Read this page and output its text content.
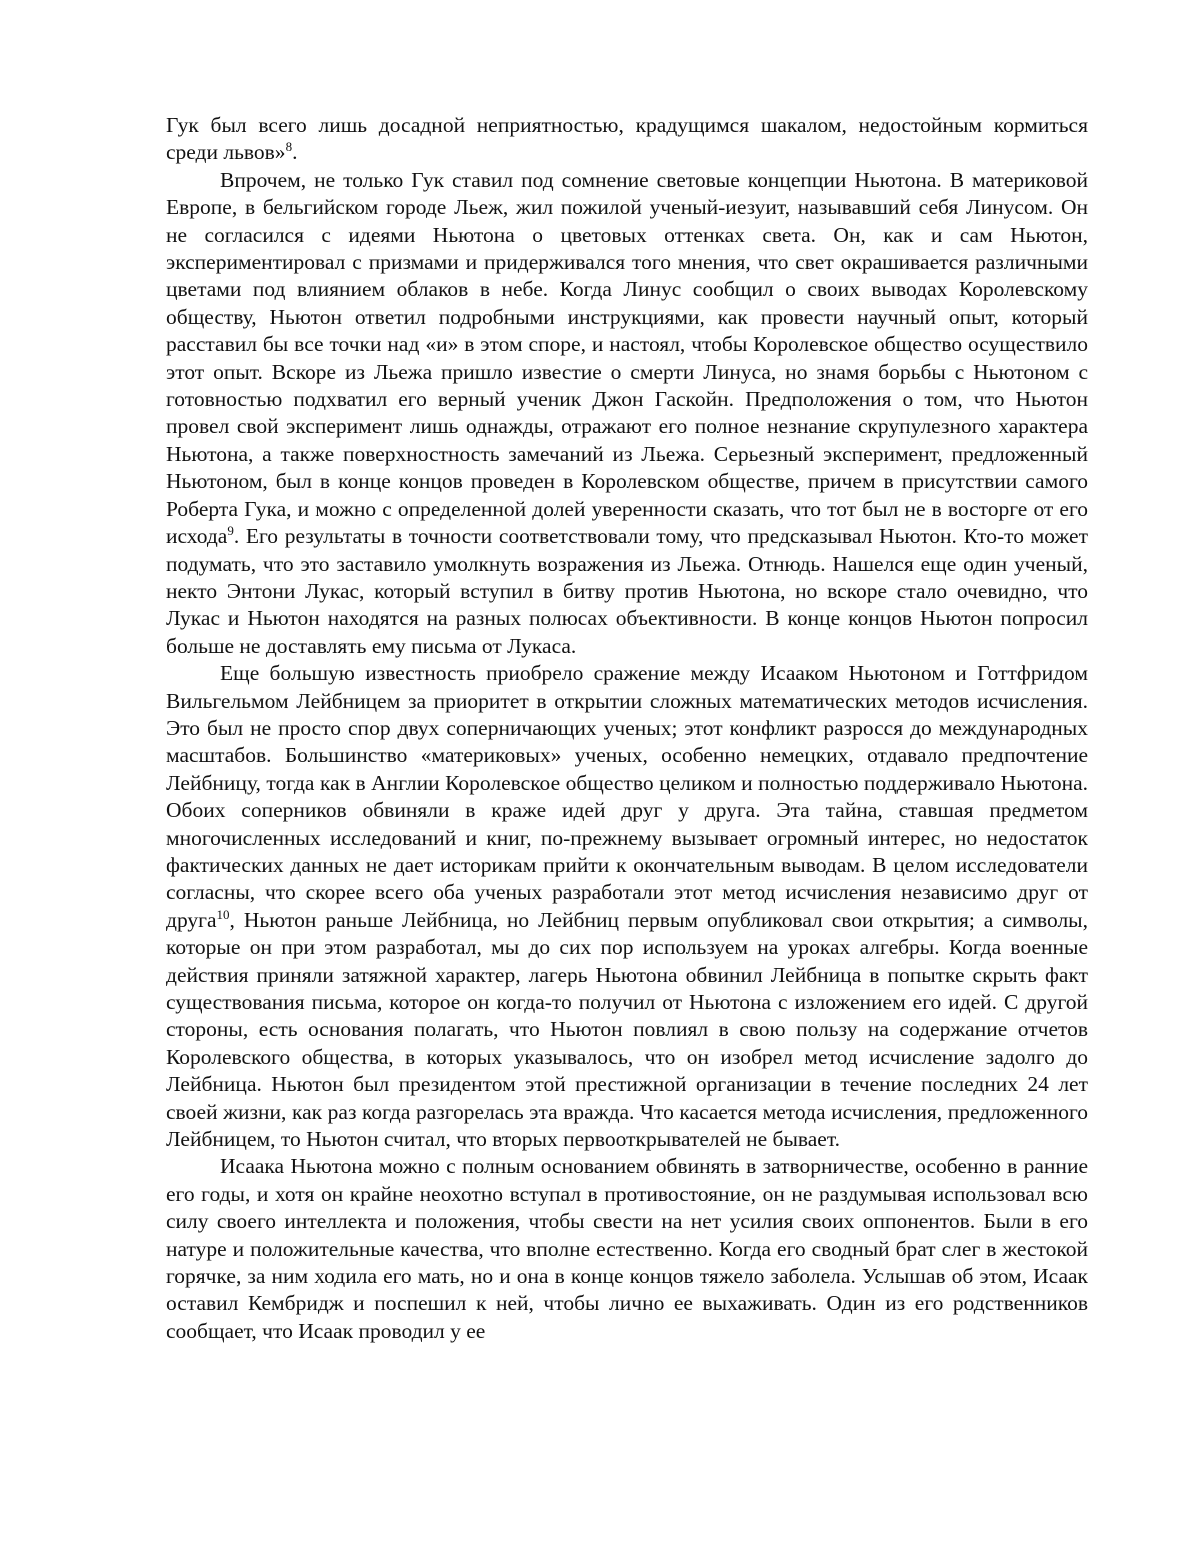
Гук был всего лишь досадной неприятностью, крадущимся шакалом, недостойным кормиться среди львов»$^8$.

Впрочем, не только Гук ставил под сомнение световые концепции Ньютона. В материковой Европе, в бельгийском городе Льеж, жил пожилой ученый-иезуит, называвший себя Линусом. Он не согласился с идеями Ньютона о цветовых оттенках света. Он, как и сам Ньютон, экспериментировал с призмами и придерживался того мнения, что свет окрашивается различными цветами под влиянием облаков в небе. Когда Линус сообщил о своих выводах Королевскому обществу, Ньютон ответил подробными инструкциями, как провести научный опыт, который расставил бы все точки над «и» в этом споре, и настоял, чтобы Королевское общество осуществило этот опыт. Вскоре из Льежа пришло известие о смерти Линуса, но знамя борьбы с Ньютоном с готовностью подхватил его верный ученик Джон Гаскойн. Предположения о том, что Ньютон провел свой эксперимент лишь однажды, отражают его полное незнание скрупулезного характера Ньютона, а также поверхностность замечаний из Льежа. Серьезный эксперимент, предложенный Ньютоном, был в конце концов проведен в Королевском обществе, причем в присутствии самого Роберта Гука, и можно с определенной долей уверенности сказать, что тот был не в восторге от его исхода$^9$. Его результаты в точности соответствовали тому, что предсказывал Ньютон. Кто-то может подумать, что это заставило умолкнуть возражения из Льежа. Отнюдь. Нашелся еще один ученый, некто Энтони Лукас, который вступил в битву против Ньютона, но вскоре стало очевидно, что Лукас и Ньютон находятся на разных полюсах объективности. В конце концов Ньютон попросил больше не доставлять ему письма от Лукаса.

Еще большую известность приобрело сражение между Исааком Ньютоном и Готтфридом Вильгельмом Лейбницем за приоритет в открытии сложных математических методов исчисления. Это был не просто спор двух соперничающих ученых; этот конфликт разросся до международных масштабов. Большинство «материковых» ученых, особенно немецких, отдавало предпочтение Лейбницу, тогда как в Англии Королевское общество целиком и полностью поддерживало Ньютона. Обоих соперников обвиняли в краже идей друг у друга. Эта тайна, ставшая предметом многочисленных исследований и книг, по-прежнему вызывает огромный интерес, но недостаток фактических данных не дает историкам прийти к окончательным выводам. В целом исследователи согласны, что скорее всего оба ученых разработали этот метод исчисления независимо друг от друга$^{10}$, Ньютон раньше Лейбница, но Лейбниц первым опубликовал свои открытия; а символы, которые он при этом разработал, мы до сих пор используем на уроках алгебры. Когда военные действия приняли затяжной характер, лагерь Ньютона обвинил Лейбница в попытке скрыть факт существования письма, которое он когда-то получил от Ньютона с изложением его идей. С другой стороны, есть основания полагать, что Ньютон повлиял в свою пользу на содержание отчетов Королевского общества, в которых указывалось, что он изобрел метод исчисление задолго до Лейбница. Ньютон был президентом этой престижной организации в течение последних 24 лет своей жизни, как раз когда разгорелась эта вражда. Что касается метода исчисления, предложенного Лейбницем, то Ньютон считал, что вторых первооткрывателей не бывает.

Исаака Ньютона можно с полным основанием обвинять в затворничестве, особенно в ранние его годы, и хотя он крайне неохотно вступал в противостояние, он не раздумывая использовал всю силу своего интеллекта и положения, чтобы свести на нет усилия своих оппонентов. Были в его натуре и положительные качества, что вполне естественно. Когда его сводный брат слег в жестокой горячке, за ним ходила его мать, но и она в конце концов тяжело заболела. Услышав об этом, Исаак оставил Кембридж и поспешил к ней, чтобы лично ее выхаживать. Один из его родственников сообщает, что Исаак проводил у ее
